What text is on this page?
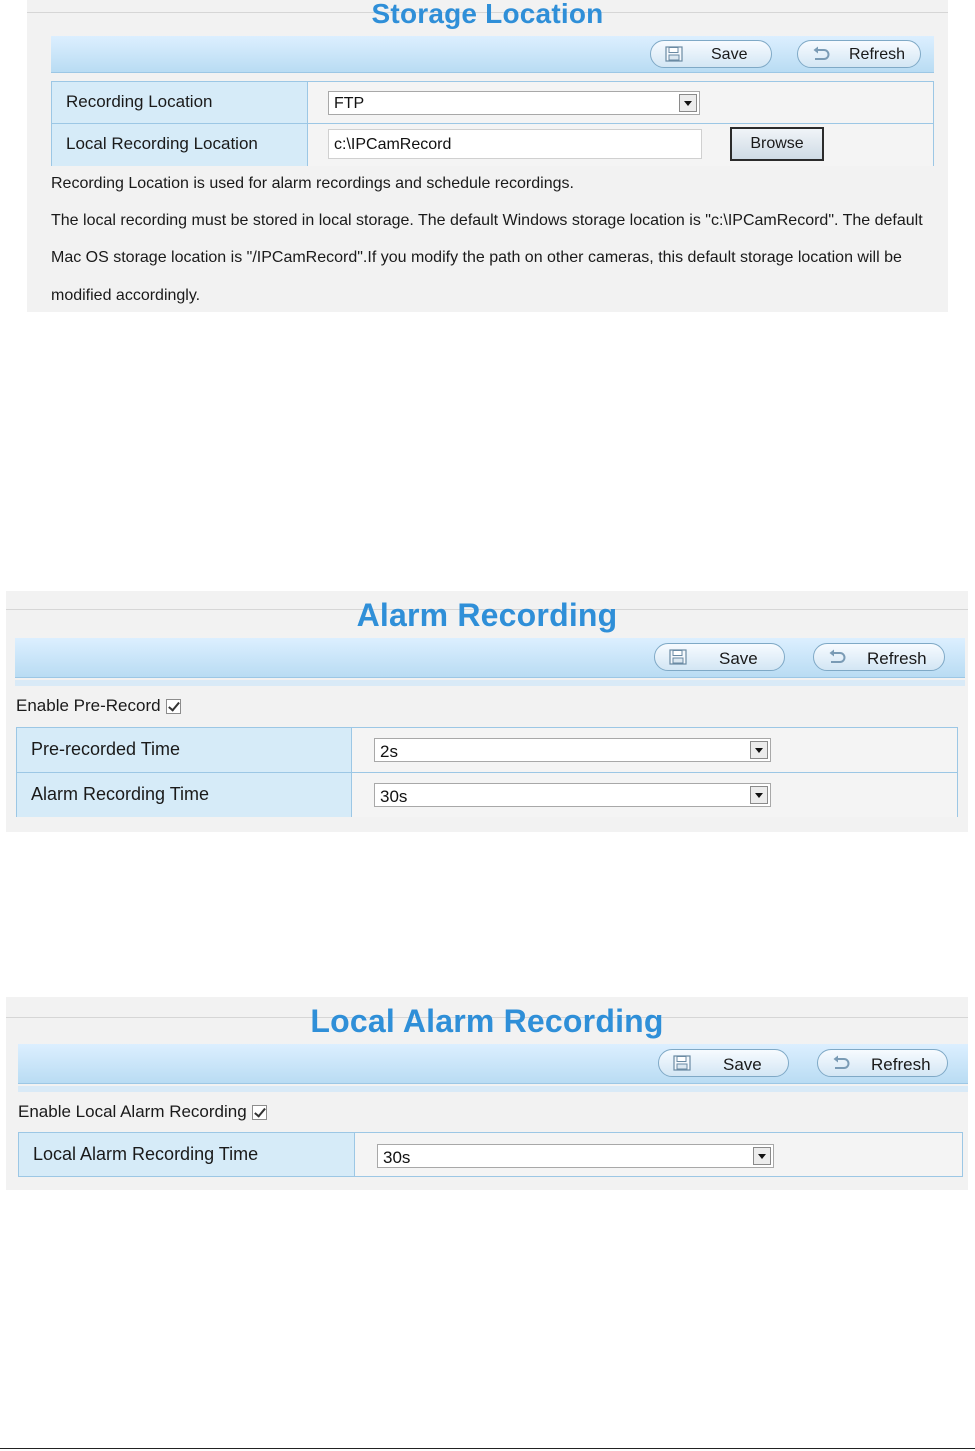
Storage Location
Save	Refresh
Recording Location	FTP
Local Recording Location	c:\IPCamRecord	Browse
Recording Location is used for alarm recordings and schedule recordings.
The local recording must be stored in local storage. The default Windows storage location is "c:\IPCamRecord". The default
Mac OS storage location is "/IPCamRecord".If you modify the path on other cameras, this default storage location will be
modified accordingly.
Alarm Recording
Save	Refresh
Enable Pre-Record
Pre-recorded Time	2s
Alarm Recording Time	30s
Local Alarm Recording
Save	Refresh
Enable Local Alarm Recording
Local Alarm Recording Time	30s
